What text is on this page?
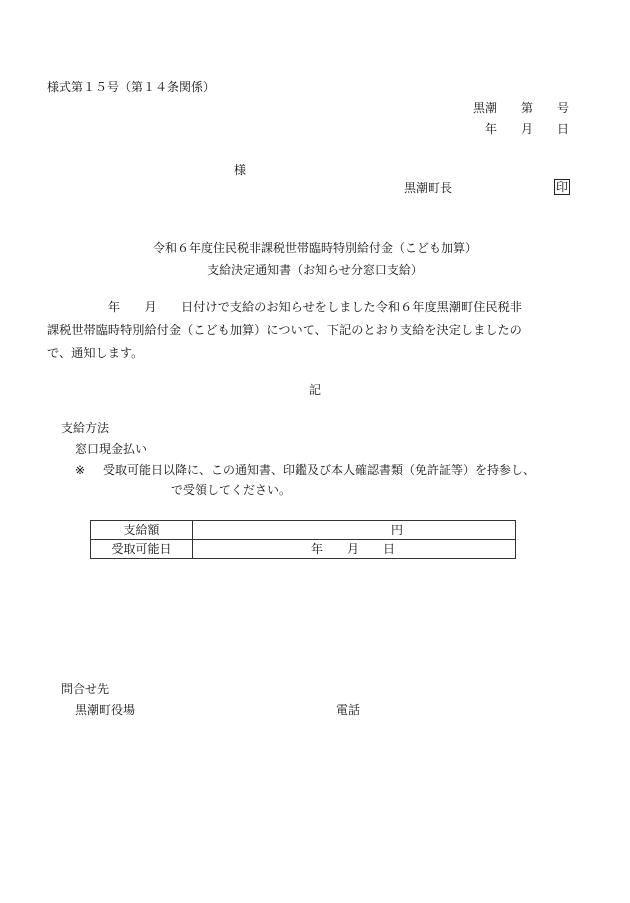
様式第１５号（第１４条関係）
黒潮　　第　　号
年　　月　　日
様
黒潮町長	印
令和６年度住民税非課税世帯臨時特別給付金（こども加算）
支給決定通知書（お知らせ分窓口支給）

　　　　　年　　月　　日付けで支給のお知らせをしました令和６年度黒潮町住民税非

課税世帯臨時特別給付金（こども加算）について、下記のとおり支給を決定しましたの

で、通知します。

記
支給方法
窓口現金払い
※ 受取可能日以降に、この通知書、印鑑及び本人確認書類（免許証等）を持参し、
で受領してください。
支給額	円
受取可能日	年　　月　　日
問合せ先
黒潮町役場	電話
